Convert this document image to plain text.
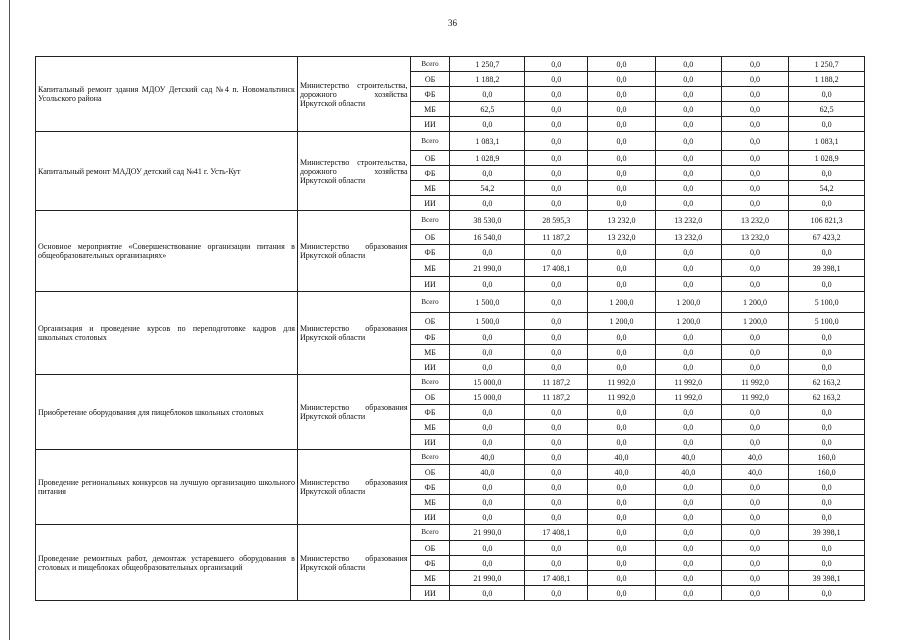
36
Капитальный ремонт здания МДОУ Детский сад №4 п. Новомальтинск Усольского района	Министерство строительства, дорожного хозяйства Иркутской области	Всего	1 250,7	0,0	0,0	0,0	0,0	1 250,7
		ОБ	1 188,2	0,0	0,0	0,0	0,0	1 188,2
		ФБ	0,0	0,0	0,0	0,0	0,0	0,0
		МБ	62,5	0,0	0,0	0,0	0,0	62,5
		ИИ	0,0	0,0	0,0	0,0	0,0	0,0
Капитальный ремонт МАДОУ детский сад №41 г. Усть-Кут	Министерство строительства, дорожного хозяйства Иркутской области	Всего	1 083,1	0,0	0,0	0,0	0,0	1 083,1
		ОБ	1 028,9	0,0	0,0	0,0	0,0	1 028,9
		ФБ	0,0	0,0	0,0	0,0	0,0	0,0
		МБ	54,2	0,0	0,0	0,0	0,0	54,2
		ИИ	0,0	0,0	0,0	0,0	0,0	0,0
Основное мероприятие «Совершенствование организации питания в общеобразовательных организациях»	Министерство образования Иркутской области	Всего	38 530,0	28 595,3	13 232,0	13 232,0	13 232,0	106 821,3
		ОБ	16 540,0	11 187,2	13 232,0	13 232,0	13 232,0	67 423,2
		ФБ	0,0	0,0	0,0	0,0	0,0	0,0
		МБ	21 990,0	17 408,1	0,0	0,0	0,0	39 398,1
		ИИ	0,0	0,0	0,0	0,0	0,0	0,0
Организация и проведение курсов по переподготовке кадров для школьных столовых	Министерство образования Иркутской области	Всего	1 500,0	0,0	1 200,0	1 200,0	1 200,0	5 100,0
		ОБ	1 500,0	0,0	1 200,0	1 200,0	1 200,0	5 100,0
		ФБ	0,0	0,0	0,0	0,0	0,0	0,0
		МБ	0,0	0,0	0,0	0,0	0,0	0,0
		ИИ	0,0	0,0	0,0	0,0	0,0	0,0
Приобретение оборудования для пищеблоков школьных столовых	Министерство образования Иркутской области	Всего	15 000,0	11 187,2	11 992,0	11 992,0	11 992,0	62 163,2
		ОБ	15 000,0	11 187,2	11 992,0	11 992,0	11 992,0	62 163,2
		ФБ	0,0	0,0	0,0	0,0	0,0	0,0
		МБ	0,0	0,0	0,0	0,0	0,0	0,0
		ИИ	0,0	0,0	0,0	0,0	0,0	0,0
Проведение региональных конкурсов на лучшую организацию школьного питания	Министерство образования Иркутской области	Всего	40,0	0,0	40,0	40,0	40,0	160,0
		ОБ	40,0	0,0	40,0	40,0	40,0	160,0
		ФБ	0,0	0,0	0,0	0,0	0,0	0,0
		МБ	0,0	0,0	0,0	0,0	0,0	0,0
		ИИ	0,0	0,0	0,0	0,0	0,0	0,0
Проведение ремонтных работ, демонтаж устаревшего оборудования в столовых и пищеблоках общеобразовательных организаций	Министерство образования Иркутской области	Всего	21 990,0	17 408,1	0,0	0,0	0,0	39 398,1
		ОБ	0,0	0,0	0,0	0,0	0,0	0,0
		ФБ	0,0	0,0	0,0	0,0	0,0	0,0
		МБ	21 990,0	17 408,1	0,0	0,0	0,0	39 398,1
		ИИ	0,0	0,0	0,0	0,0	0,0	0,0
